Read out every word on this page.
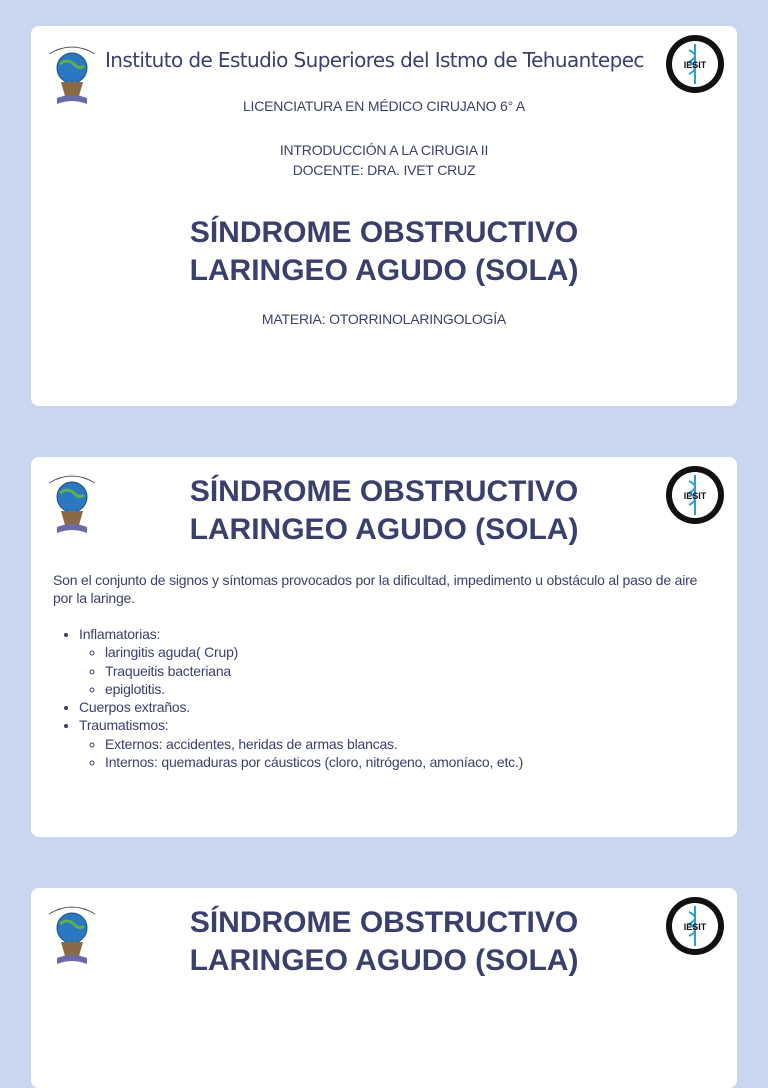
Instituto de Estudio Superiores del Istmo de Tehuantepec	IESIT
LICENCIATURA EN MÉDICO CIRUJANO 6° A
INTRODUCCIÓN A LA CIRUGIA II
DOCENTE: DRA. IVET CRUZ
SÍNDROME OBSTRUCTIVO
LARINGEO AGUDO (SOLA)
MATERIA: OTORRINOLARINGOLOGÍA
IESIT
SÍNDROME OBSTRUCTIVO
LARINGEO AGUDO (SOLA)
Son el conjunto de signos y síntomas provocados por la dificultad, impedimento u obstáculo al paso de aire por la laringe.
• Inflamatorias:
◦ laringitis aguda( Crup)
◦ Traqueitis bacteriana
◦ epiglotitis.
• Cuerpos extraños.
• Traumatismos:
◦ Externos: accidentes, heridas de armas blancas.
◦ Internos: quemaduras por cáusticos (cloro, nitrógeno, amoníaco, etc.)
IESIT
SÍNDROME OBSTRUCTIVO
LARINGEO AGUDO (SOLA)
